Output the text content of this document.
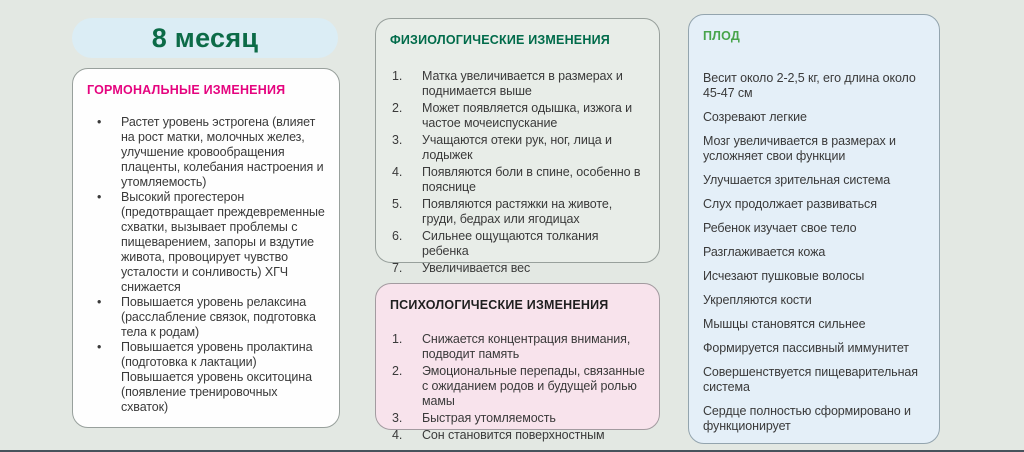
8 месяц
ГОРМОНАЛЬНЫЕ ИЗМЕНЕНИЯ
•	Растет уровень эстрогена (влияет на рост матки, молочных желез, улучшение кровообращения плаценты, колебания настроения и утомляемость)
•	Высокий прогестерон (предотвращает преждевременные схватки, вызывает проблемы с пищеварением, запоры и вздутие живота, провоцирует чувство усталости и сонливость) ХГЧ снижается
•	Повышается уровень релаксина (расслабление связок, подготовка тела к родам)
•	Повышается уровень пролактина (подготовка к лактации)
Повышается уровень окситоцина (появление тренировочных схваток)
ФИЗИОЛОГИЧЕСКИЕ ИЗМЕНЕНИЯ
1.	Матка увеличивается в размерах и поднимается выше
2.	Может появляется одышка, изжога и частое мочеиспускание
3.	Учащаются отеки рук, ног, лица и лодыжек
4.	Появляются боли в спине, особенно в пояснице
5.	Появляются растяжки на животе, груди, бедрах или ягодицах
6.	Сильнее ощущаются толкания ребенка
7.	Увеличивается вес
ПСИХОЛОГИЧЕСКИЕ ИЗМЕНЕНИЯ
1.	Снижается концентрация внимания, подводит память
2.	Эмоциональные перепады, связанные с ожиданием родов и будущей ролью мамы
3.	Быстрая утомляемость
4.	Сон становится поверхностным
ПЛОД

Весит около 2-2,5 кг, его длина около 45-47 см

Созревают легкие

Мозг увеличивается в размерах и усложняет свои функции

Улучшается зрительная система

Слух продолжает развиваться

Ребенок изучает свое тело

Разглаживается кожа

Исчезают пушковые волосы

Укрепляются кости

Мышцы становятся сильнее

Формируется пассивный иммунитет

Совершенствуется пищеварительная система

Сердце полностью сформировано и функционирует
